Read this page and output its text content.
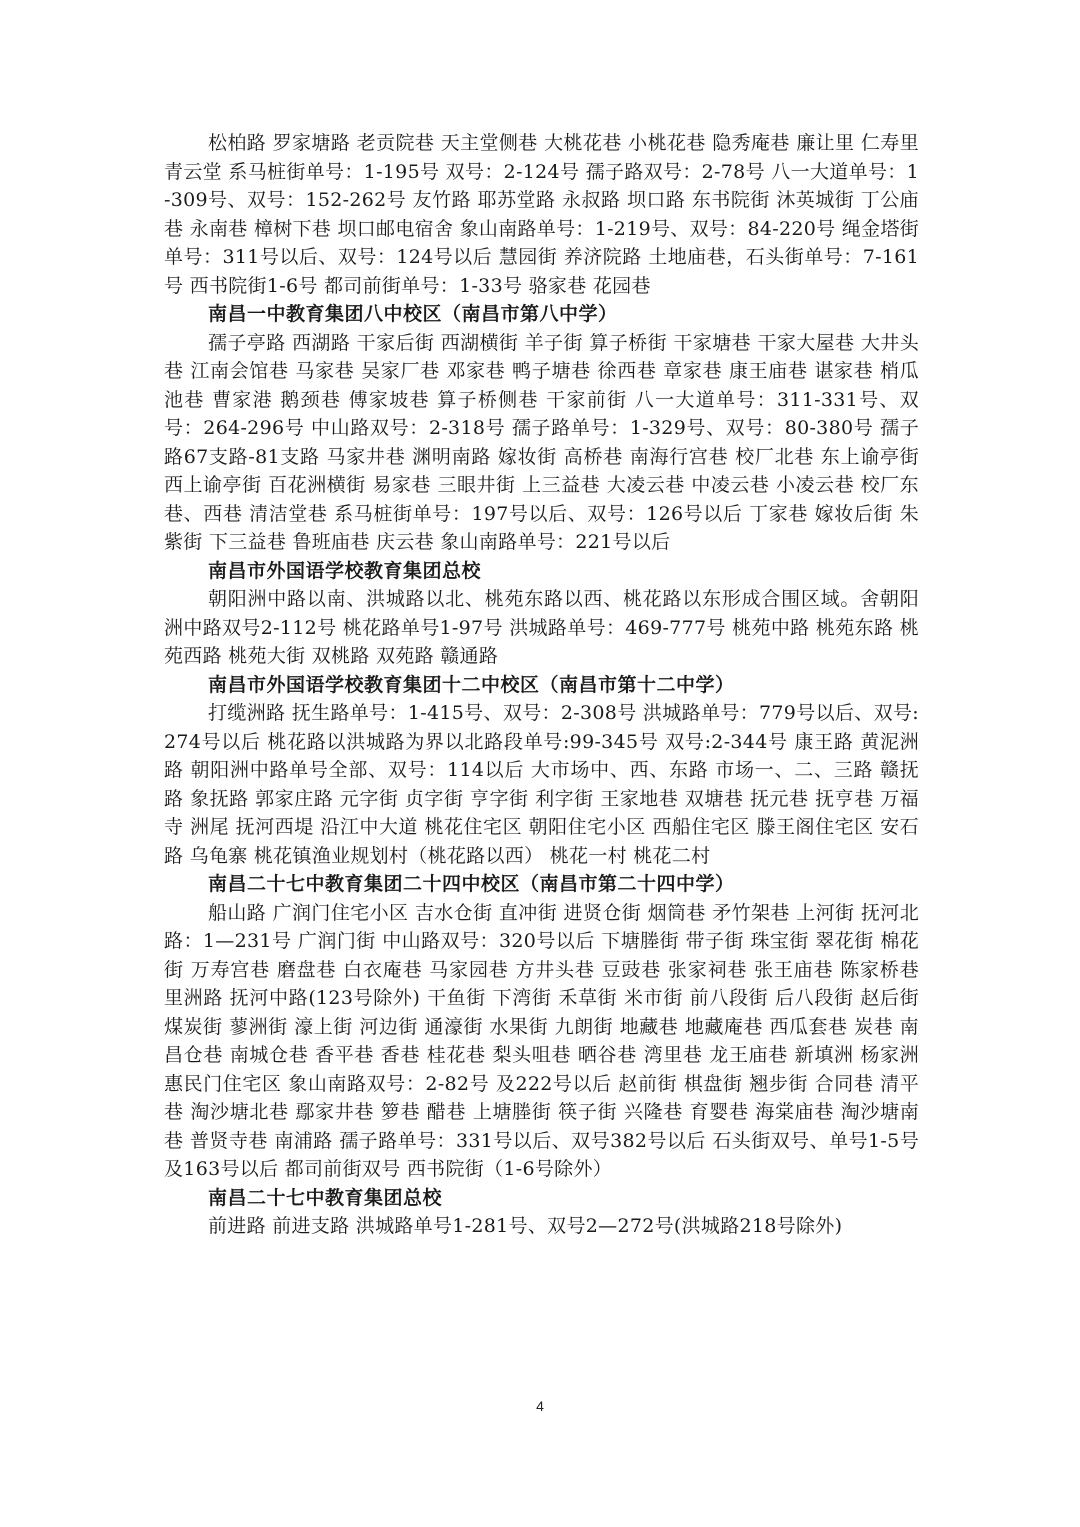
松柏路 罗家塘路 老贡院巷 天主堂侧巷 大桃花巷 小桃花巷 隐秀庵巷 廉让里 仁寿里 青云堂 系马桩街单号：1-195号 双号：2-124号 孺子路双号：2-78号 八一大道单号：1-309号、双号：152-262号 友竹路 耶苏堂路 永叔路 坝口路 东书院街 沐英城街 丁公庙巷 永南巷 樟树下巷 坝口邮电宿舍 象山南路单号：1-219号、双号：84-220号 绳金塔街单号：311号以后、双号：124号以后 慧园街 养济院路 土地庙巷，石头街单号：7-161号 西书院街1-6号 都司前街单号：1-33号 骆家巷 花园巷

南昌一中教育集团八中校区（南昌市第八中学）

孺子亭路 西湖路 干家后街 西湖横街 羊子街 算子桥街 干家塘巷 干家大屋巷 大井头巷 江南会馆巷 马家巷 吴家厂巷 邓家巷 鸭子塘巷 徐西巷 章家巷 康王庙巷 谌家巷 梢瓜池巷 曹家港 鹅颈巷 傅家坡巷 算子桥侧巷 干家前街 八一大道单号：311-331号、双号：264-296号 中山路双号：2-318号 孺子路单号：1-329号、双号：80-380号 孺子路67支路-81支路 马家井巷 渊明南路 嫁妆街 高桥巷 南海行宫巷 校厂北巷 东上谕亭街 西上谕亭街 百花洲横街 易家巷 三眼井街 上三益巷 大凌云巷 中凌云巷 小凌云巷 校厂东巷、西巷 清洁堂巷 系马桩街单号：197号以后、双号：126号以后 丁家巷 嫁妆后街 朱紫街 下三益巷 鲁班庙巷 庆云巷 象山南路单号：221号以后

南昌市外国语学校教育集团总校

朝阳洲中路以南、洪城路以北、桃苑东路以西、桃花路以东形成合围区域。舍朝阳洲中路双号2-112号 桃花路单号1-97号 洪城路单号：469-777号 桃苑中路 桃苑东路 桃苑西路 桃苑大街 双桃路 双苑路 赣通路

南昌市外国语学校教育集团十二中校区（南昌市第十二中学）

打缆洲路 抚生路单号：1-415号、双号：2-308号 洪城路单号：779号以后、双号:274号以后 桃花路以洪城路为界以北路段单号:99-345号 双号:2-344号 康王路 黄泥洲路 朝阳洲中路单号全部、双号：114以后 大市场中、西、东路 市场一、二、三路 赣抚路 象抚路 郭家庄路 元字街 贞字街 亨字街 利字街 王家地巷 双塘巷 抚元巷 抚亨巷 万福寺 洲尾 抚河西堤 沿江中大道 桃花住宅区 朝阳住宅小区 西船住宅区 滕王阁住宅区 安石路 乌龟寨 桃花镇渔业规划村（桃花路以西） 桃花一村 桃花二村

南昌二十七中教育集团二十四中校区（南昌市第二十四中学）

船山路 广润门住宅小区 吉水仓街 直冲街 进贤仓街 烟筒巷 矛竹架巷 上河街 抚河北路：1—231号 广润门街 中山路双号：320号以后 下塘塍街 带子街 珠宝街 翠花街 棉花街 万寿宫巷 磨盘巷 白衣庵巷 马家园巷 方井头巷 豆豉巷 张家祠巷 张王庙巷 陈家桥巷 里洲路 抚河中路(123号除外) 干鱼街 下湾街 禾草街 米市街 前八段街 后八段街 赵后街 煤炭街 蓼洲街 濠上街 河边街 通濠街 水果街 九朗街 地藏巷 地藏庵巷 西瓜套巷 炭巷 南昌仓巷 南城仓巷 香平巷 香巷 桂花巷 梨头咀巷 晒谷巷 湾里巷 龙王庙巷 新填洲 杨家洲 惠民门住宅区 象山南路双号：2-82号 及222号以后 赵前街 棋盘街 翘步街 合同巷 清平巷 淘沙塘北巷 鄢家井巷 箩巷 醋巷 上塘塍街 筷子街 兴隆巷 育婴巷 海棠庙巷 淘沙塘南巷 普贤寺巷 南浦路 孺子路单号：331号以后、双号382号以后 石头街双号、单号1-5号及163号以后 都司前街双号 西书院街（1-6号除外）

南昌二十七中教育集团总校

前进路 前进支路 洪城路单号1-281号、双号2—272号(洪城路218号除外)

4
